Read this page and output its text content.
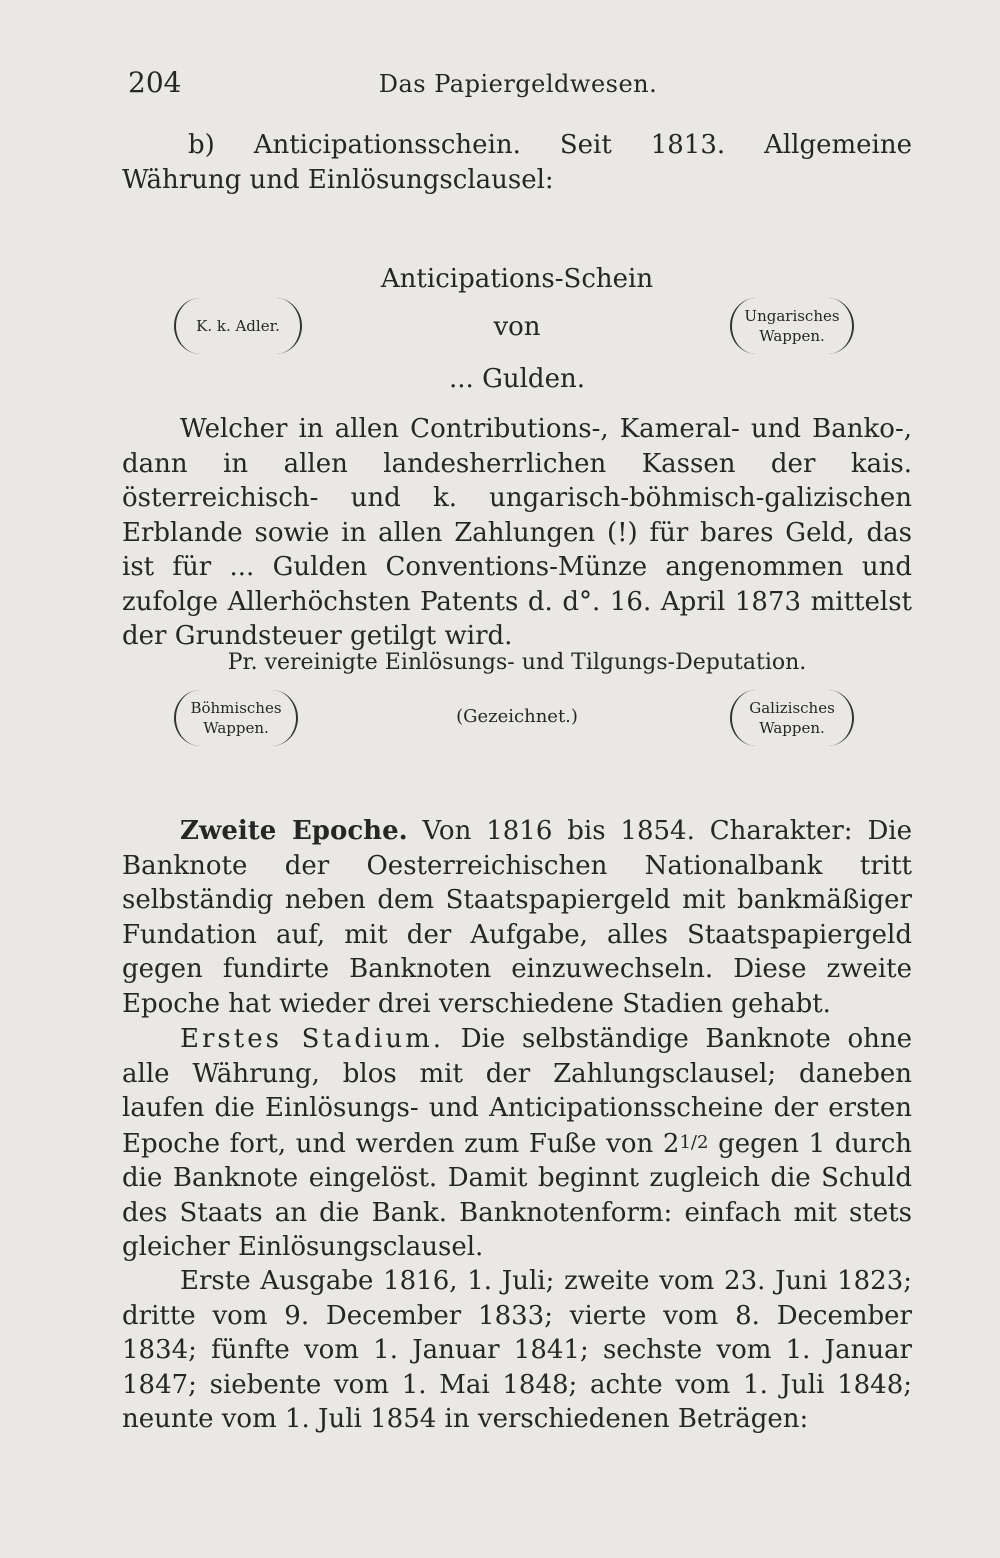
204	Das Papiergeldwesen.

b) Anticipationsschein. Seit 1813. Allgemeine Währung und Einlösungsclausel:

Anticipations-Schein

K. k. Adler.	von	Ungarisches
Wappen.

... Gulden.

Welcher in allen Contributions-, Kameral- und Banko-, dann in allen landesherrlichen Kassen der kais. österreichisch- und k. ungarisch-böhmisch-galizischen Erblande sowie in allen Zahlungen (!) für bares Geld, das ist für ... Gulden Conventions-Münze angenommen und zufolge Allerhöchsten Patents d. d°. 16. April 1873 mittelst der Grundsteuer getilgt wird.

Pr. vereinigte Einlösungs- und Tilgungs-Deputation.

Böhmisches
Wappen.
(Gezeichnet.)	Galizisches
Wappen.

Zweite Epoche. Von 1816 bis 1854. Charakter: Die Banknote der Oesterreichischen Nationalbank tritt selbständig neben dem Staatspapiergeld mit bankmäßiger Fundation auf, mit der Aufgabe, alles Staatspapiergeld gegen fundirte Banknoten einzuwechseln. Diese zweite Epoche hat wieder drei verschiedene Stadien gehabt.

Erstes Stadium. Die selbständige Banknote ohne alle Währung, blos mit der Zahlungsclausel; daneben laufen die Einlösungs- und Anticipationsscheine der ersten Epoche fort, und werden zum Fuße von 21/2 gegen 1 durch die Banknote eingelöst. Damit beginnt zugleich die Schuld des Staats an die Bank. Banknotenform: einfach mit stets gleicher Einlösungsclausel.

Erste Ausgabe 1816, 1. Juli; zweite vom 23. Juni 1823; dritte vom 9. December 1833; vierte vom 8. December 1834; fünfte vom 1. Januar 1841; sechste vom 1. Januar 1847; siebente vom 1. Mai 1848; achte vom 1. Juli 1848; neunte vom 1. Juli 1854 in verschiedenen Beträgen:
